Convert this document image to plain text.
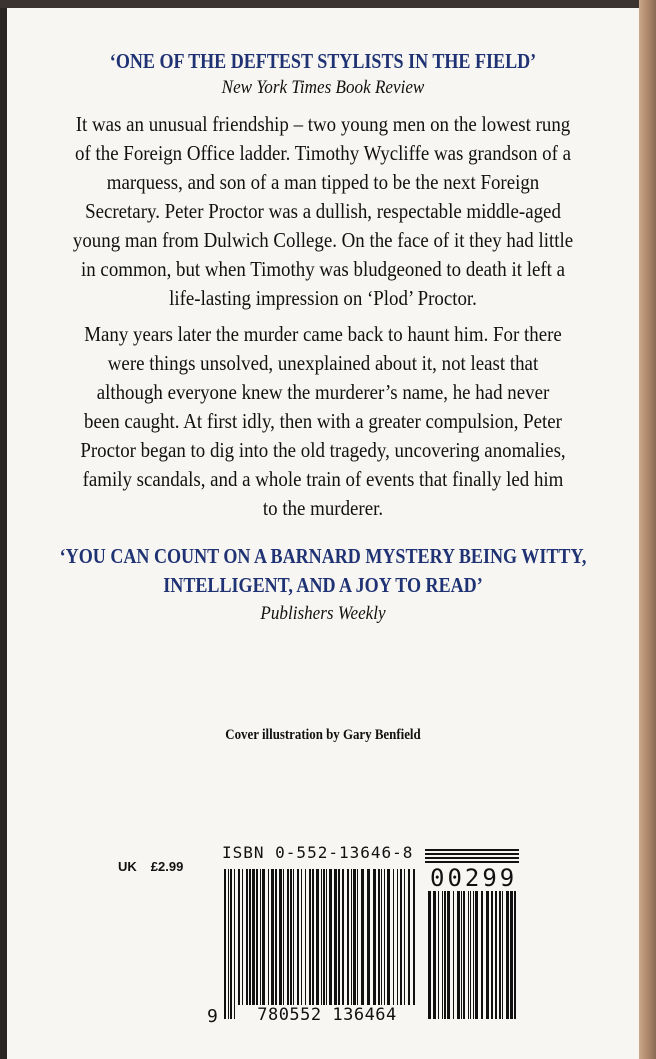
‘ONE OF THE DEFTEST STYLISTS IN THE FIELD’
New York Times Book Review
It was an unusual friendship – two young men on the lowest rung
of the Foreign Office ladder. Timothy Wycliffe was grandson of a
marquess, and son of a man tipped to be the next Foreign
Secretary. Peter Proctor was a dullish, respectable middle-aged
young man from Dulwich College. On the face of it they had little
in common, but when Timothy was bludgeoned to death it left a
life-lasting impression on ‘Plod’ Proctor.
Many years later the murder came back to haunt him. For there
were things unsolved, unexplained about it, not least that
although everyone knew the murderer’s name, he had never
been caught. At first idly, then with a greater compulsion, Peter
Proctor began to dig into the old tragedy, uncovering anomalies,
family scandals, and a whole train of events that finally led him
to the murderer.
‘YOU CAN COUNT ON A BARNARD MYSTERY BEING WITTY,
INTELLIGENT, AND A JOY TO READ’
Publishers Weekly
Cover illustration by Gary Benfield
UK £2.99
ISBN 0-552-13646-8
00299
9	780552 136464
